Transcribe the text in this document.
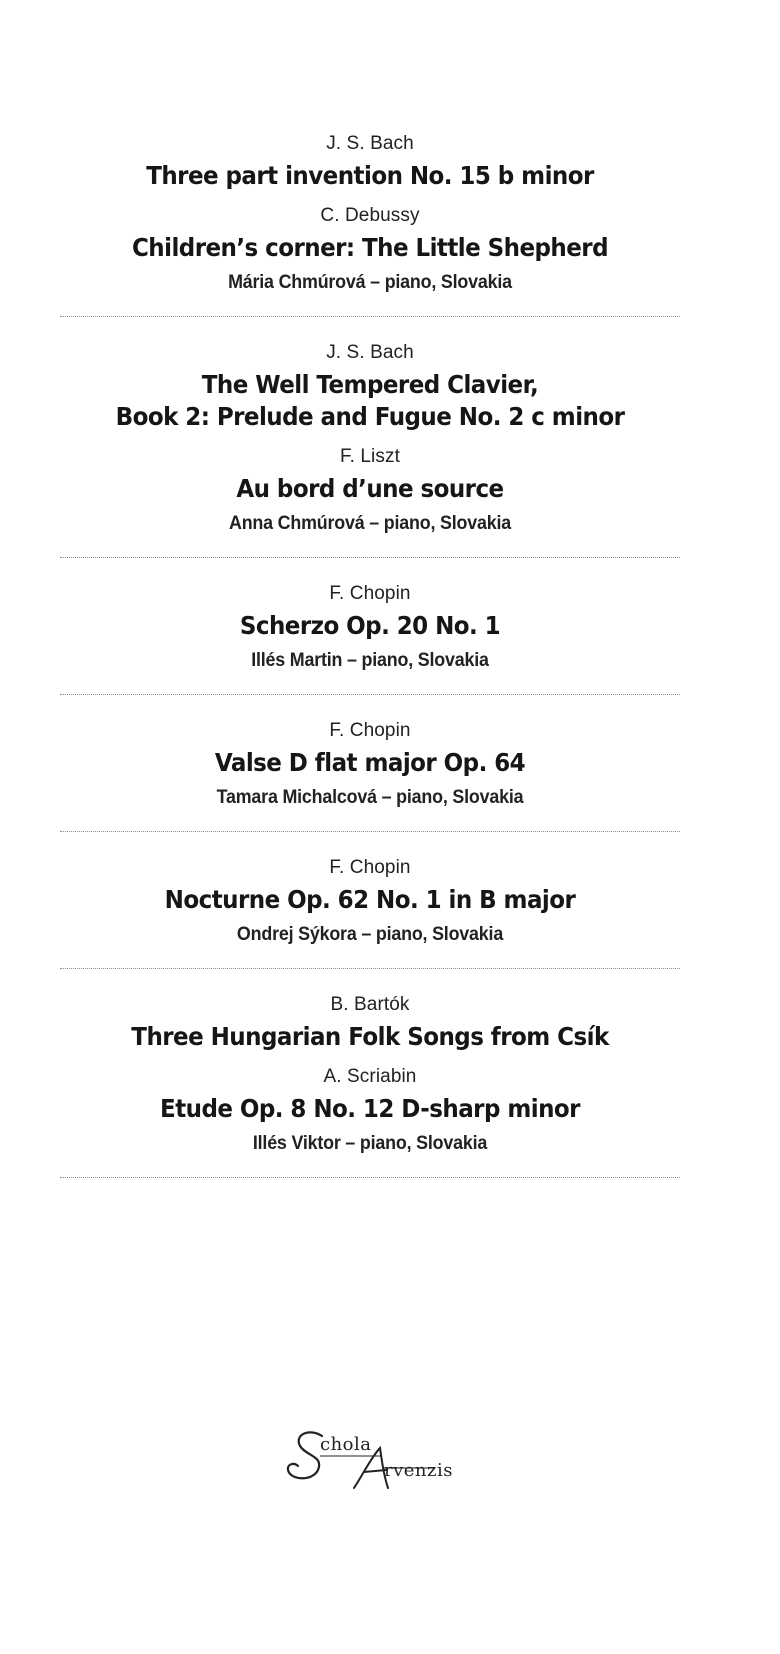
J. S. Bach
Three part invention No. 15 b minor
C. Debussy
Children’s corner: The Little Shepherd
Mária Chmúrová – piano, Slovakia
J. S. Bach
The Well Tempered Clavier,
Book 2: Prelude and Fugue No. 2 c minor
F. Liszt
Au bord d’une source
Anna Chmúrová – piano, Slovakia
F. Chopin
Scherzo Op. 20 No. 1
Illés Martin – piano, Slovakia
F. Chopin
Valse D flat major Op. 64
Tamara Michalcová – piano, Slovakia
F. Chopin
Nocturne Op. 62 No. 1 in B major
Ondrej Sýkora – piano, Slovakia
B. Bartók
Three Hungarian Folk Songs from Csík
A. Scriabin
Etude Op. 8 No. 12 D-sharp minor
Illés Viktor – piano, Slovakia
chola
rvenzis
